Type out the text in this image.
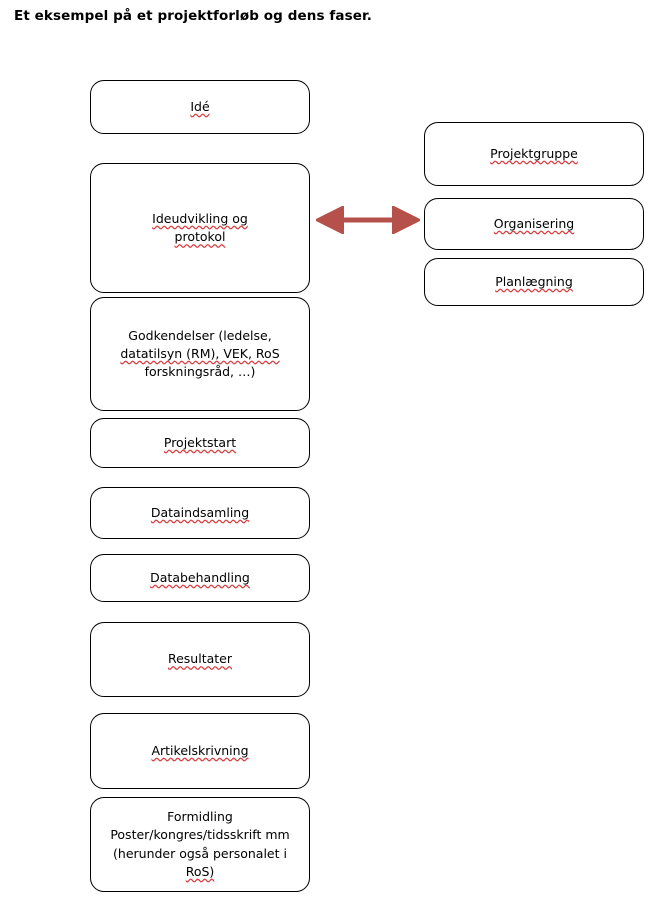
Et eksempel på et projektforløb og dens faser.
Idé
Ideudvikling og
protokol
Godkendelser (ledelse,
datatilsyn (RM), VEK, RoS
forskningsråd, …)
Projektstart
Dataindsamling
Databehandling
Resultater
Artikelskrivning
Formidling
Poster/kongres/tidsskrift mm
(herunder også personalet i
RoS)
Projektgruppe
Organisering
Planlægning
